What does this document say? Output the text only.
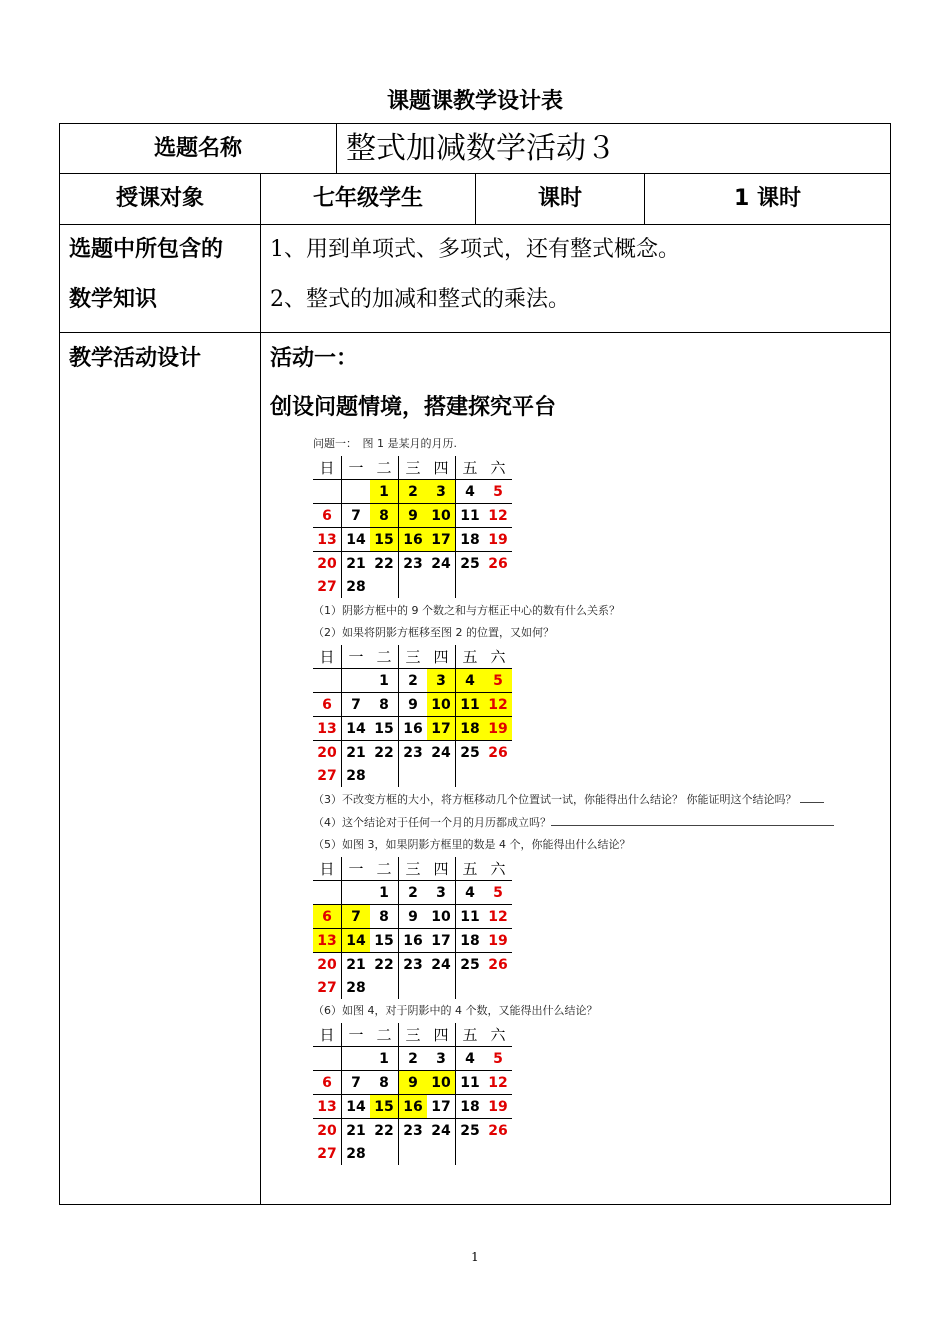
课题课教学设计表
选题名称	整式加减数学活动３
授课对象	七年级学生	课时	1 课时
选题中所包含的
数学知识
1、用到单项式、多项式，还有整式概念。
2、整式的加减和整式的乘法。
教学活动设计	活动一：
创设问题情境，搭建探究平台
问题一：　图 1 是某月的月历.
日	一	二	三	四	五	六
		1	2	3	4	5
6	7	8	9	10	11	12
13	14	15	16	17	18	19
20	21	22	23	24	25	26
27	28					
（1）阴影方框中的 9 个数之和与方框正中心的数有什么关系？
（2）如果将阴影方框移至图 2 的位置，又如何？
日	一	二	三	四	五	六
		1	2	3	4	5
6	7	8	9	10	11	12
13	14	15	16	17	18	19
20	21	22	23	24	25	26
27	28					
（3）不改变方框的大小，将方框移动几个位置试一试，你能得出什么结论？ 你能证明这个结论吗？
（4）这个结论对于任何一个月的月历都成立吗？
（5）如图 3，如果阴影方框里的数是 4 个，你能得出什么结论？
日	一	二	三	四	五	六
		1	2	3	4	5
6	7	8	9	10	11	12
13	14	15	16	17	18	19
20	21	22	23	24	25	26
27	28					
（6）如图 4，对于阴影中的 4 个数，又能得出什么结论？
日	一	二	三	四	五	六
		1	2	3	4	5
6	7	8	9	10	11	12
13	14	15	16	17	18	19
20	21	22	23	24	25	26
27	28					
1
